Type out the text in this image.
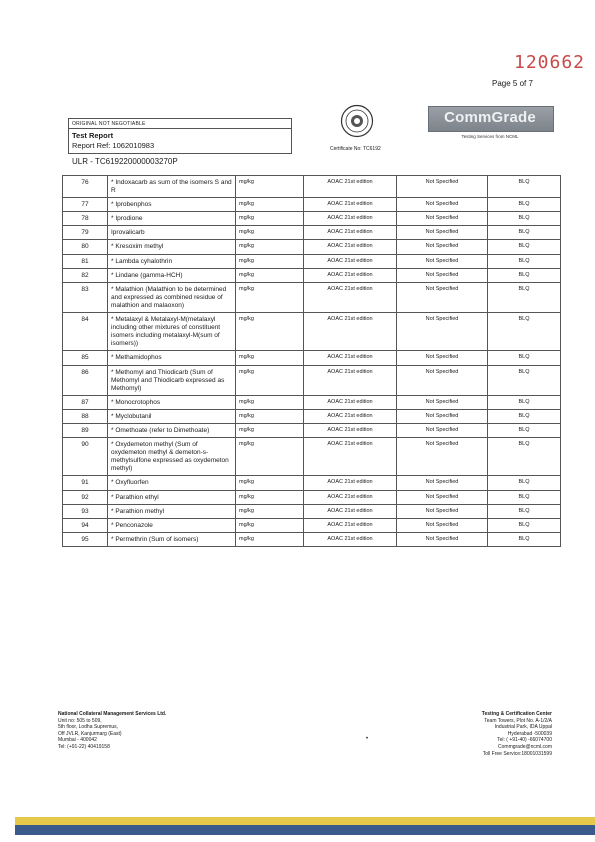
120662
Page 5 of 7
ORIGINAL NOT NEGOTIABLE
Test Report
Report Ref: 1062010983
ULR - TC619220000003270P
Certificate No: TC6192
CommGrade
Testing Services from NCML
76	* Indoxacarb as sum of the isomers S and R	mg/kg	AOAC 21st edition	Not Specified	BLQ
77	* Iprobenphos	mg/kg	AOAC 21st edition	Not Specified	BLQ
78	* Iprodione	mg/kg	AOAC 21st edition	Not Specified	BLQ
79	Iprovalicarb	mg/kg	AOAC 21st edition	Not Specified	BLQ
80	* Kresoxim methyl	mg/kg	AOAC 21st edition	Not Specified	BLQ
81	* Lambda cyhalothrin	mg/kg	AOAC 21st edition	Not Specified	BLQ
82	* Lindane (gamma-HCH)	mg/kg	AOAC 21st edition	Not Specified	BLQ
83	* Malathion (Malathion to be determined and expressed as combined residue of malathion and malaoxon)	mg/kg	AOAC 21st edition	Not Specified	BLQ
84	* Metalaxyl & Metalaxyl-M(metalaxyl including other mixtures of constituent isomers including metalaxyl-M(sum of isomers))	mg/kg	AOAC 21st edition	Not Specified	BLQ
85	* Methamidophos	mg/kg	AOAC 21st edition	Not Specified	BLQ
86	* Methomyl and Thiodicarb (Sum of Methomyl and Thiodicarb expressed as Methomyl)	mg/kg	AOAC 21st edition	Not Specified	BLQ
87	* Monocrotophos	mg/kg	AOAC 21st edition	Not Specified	BLQ
88	* Myclobutanil	mg/kg	AOAC 21st edition	Not Specified	BLQ
89	* Omethoate (refer to Dimethoate)	mg/kg	AOAC 21st edition	Not Specified	BLQ
90	* Oxydemeton methyl (Sum of oxydemeton methyl & demeton-s-methylsulfone expressed as oxydemeton methyl)	mg/kg	AOAC 21st edition	Not Specified	BLQ
91	* Oxyfluorfen	mg/kg	AOAC 21st edition	Not Specified	BLQ
92	* Parathion ethyl	mg/kg	AOAC 21st edition	Not Specified	BLQ
93	* Parathion methyl	mg/kg	AOAC 21st edition	Not Specified	BLQ
94	* Penconazole	mg/kg	AOAC 21st edition	Not Specified	BLQ
95	* Permethrin (Sum of isomers)	mg/kg	AOAC 21st edition	Not Specified	BLQ
National Collateral Management Services Ltd.
Unit no: 505 to 509,
5th floor, Lodha Supremus,
Off JVLR, Kanjurmarg (East)
Mumbai - 400042
Tel: (+91-22) 40419158
•
Testing & Certification Center
Team Towers, Plot No. A-1/2/A
Industrial Park, IDA Uppal
Hyderabad -500039
Tel: ( +91-40) -66074700
Commgrade@ncml.com
Toll Free Service:18001031599
